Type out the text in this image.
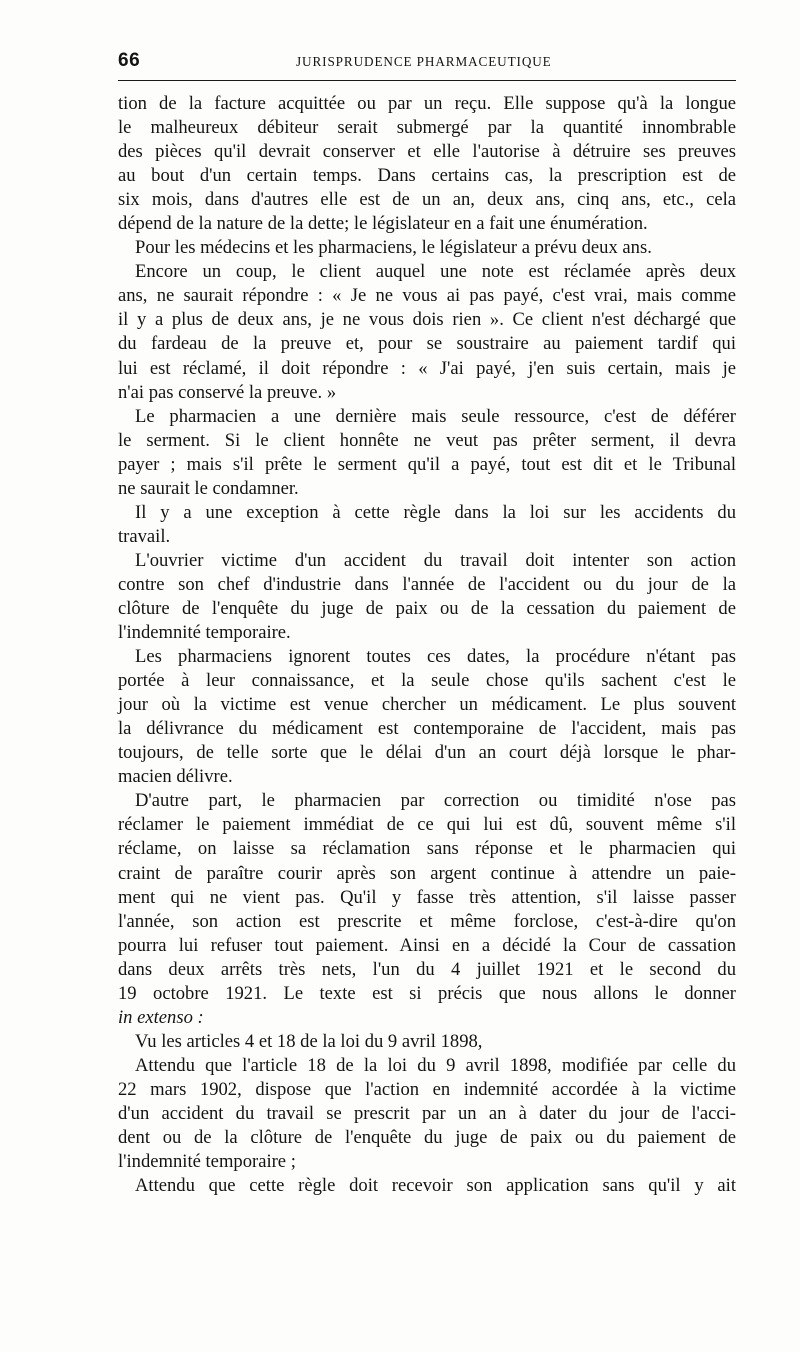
66	JURISPRUDENCE PHARMACEUTIQUE
tion de la facture acquittée ou par un reçu. Elle suppose qu'à la longue
le malheureux débiteur serait submergé par la quantité innombrable
des pièces qu'il devrait conserver et elle l'autorise à détruire ses preuves
au bout d'un certain temps. Dans certains cas, la prescription est de
six mois, dans d'autres elle est de un an, deux ans, cinq ans, etc., cela
dépend de la nature de la dette; le législateur en a fait une énumération.
Pour les médecins et les pharmaciens, le législateur a prévu deux ans.
Encore un coup, le client auquel une note est réclamée après deux
ans, ne saurait répondre : « Je ne vous ai pas payé, c'est vrai, mais comme
il y a plus de deux ans, je ne vous dois rien ». Ce client n'est déchargé que
du fardeau de la preuve et, pour se soustraire au paiement tardif qui
lui est réclamé, il doit répondre : « J'ai payé, j'en suis certain, mais je
n'ai pas conservé la preuve. »
Le pharmacien a une dernière mais seule ressource, c'est de déférer
le serment. Si le client honnête ne veut pas prêter serment, il devra
payer ; mais s'il prête le serment qu'il a payé, tout est dit et le Tribunal
ne saurait le condamner.
Il y a une exception à cette règle dans la loi sur les accidents du
travail.
L'ouvrier victime d'un accident du travail doit intenter son action
contre son chef d'industrie dans l'année de l'accident ou du jour de la
clôture de l'enquête du juge de paix ou de la cessation du paiement de
l'indemnité temporaire.
Les pharmaciens ignorent toutes ces dates, la procédure n'étant pas
portée à leur connaissance, et la seule chose qu'ils sachent c'est le
jour où la victime est venue chercher un médicament. Le plus souvent
la délivrance du médicament est contemporaine de l'accident, mais pas
toujours, de telle sorte que le délai d'un an court déjà lorsque le phar-
macien délivre.
D'autre part, le pharmacien par correction ou timidité n'ose pas
réclamer le paiement immédiat de ce qui lui est dû, souvent même s'il
réclame, on laisse sa réclamation sans réponse et le pharmacien qui
craint de paraître courir après son argent continue à attendre un paie-
ment qui ne vient pas. Qu'il y fasse très attention, s'il laisse passer
l'année, son action est prescrite et même forclose, c'est-à-dire qu'on
pourra lui refuser tout paiement. Ainsi en a décidé la Cour de cassation
dans deux arrêts très nets, l'un du 4 juillet 1921 et le second du
19 octobre 1921. Le texte est si précis que nous allons le donner
in extenso :
Vu les articles 4 et 18 de la loi du 9 avril 1898,
Attendu que l'article 18 de la loi du 9 avril 1898, modifiée par celle du
22 mars 1902, dispose que l'action en indemnité accordée à la victime
d'un accident du travail se prescrit par un an à dater du jour de l'acci-
dent ou de la clôture de l'enquête du juge de paix ou du paiement de
l'indemnité temporaire ;
Attendu que cette règle doit recevoir son application sans qu'il y ait
